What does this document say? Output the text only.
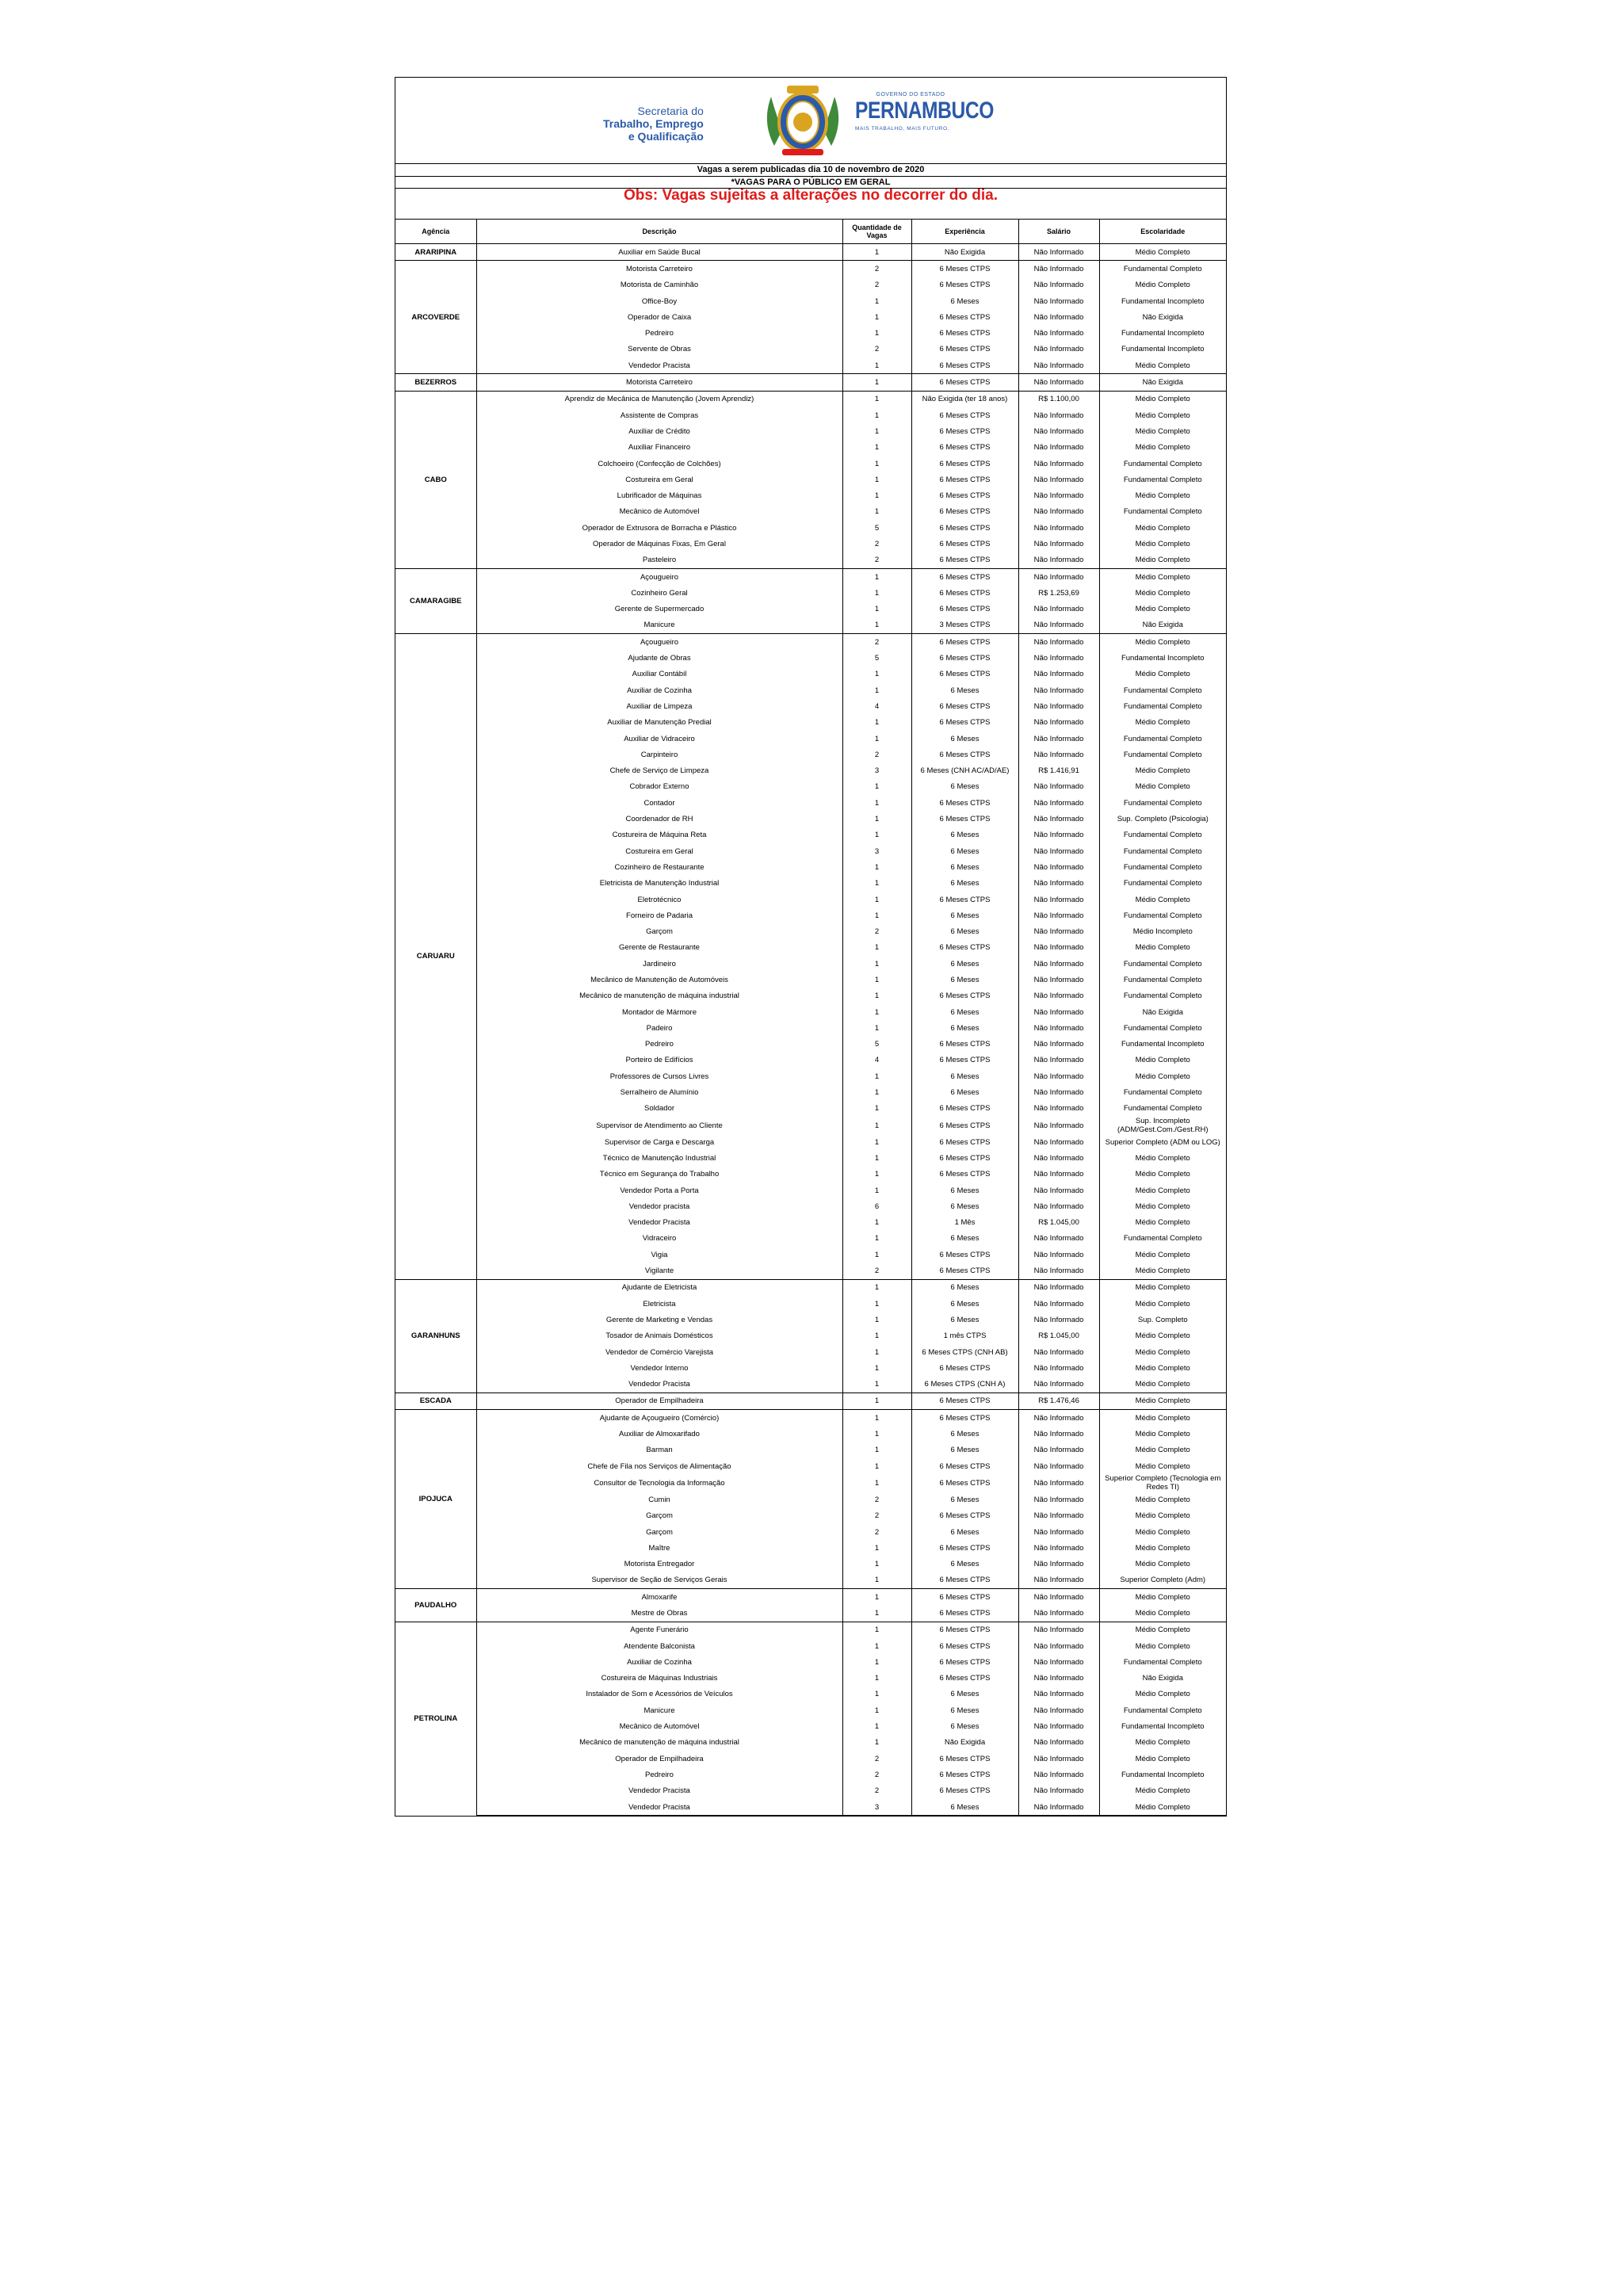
Secretaria do
Trabalho, Emprego
e Qualificação
GOVERNO DO ESTADO
PERNAMBUCO
MAIS TRABALHO, MAIS FUTURO.
Vagas a serem publicadas dia 10 de novembro de 2020
*VAGAS PARA O PÚBLICO EM GERAL
Obs: Vagas sujeitas a alterações no decorrer do dia.
Agência	Descrição	Quantidade de Vagas	Experiência	Salário	Escolaridade
ARARIPINA	Auxiliar em Saúde Bucal	1	Não Exigida	Não Informado	Médio Completo
ARCOVERDE	Motorista Carreteiro	2	6 Meses CTPS	Não Informado	Fundamental Completo
	Motorista de Caminhão	2	6 Meses CTPS	Não Informado	Médio Completo
	Office-Boy	1	6 Meses	Não Informado	Fundamental Incompleto
	Operador de Caixa	1	6 Meses CTPS	Não Informado	Não Exigida
	Pedreiro	1	6 Meses CTPS	Não Informado	Fundamental Incompleto
	Servente de Obras	2	6 Meses CTPS	Não Informado	Fundamental Incompleto
	Vendedor Pracista	1	6 Meses CTPS	Não Informado	Médio Completo
BEZERROS	Motorista Carreteiro	1	6 Meses CTPS	Não Informado	Não Exigida
CABO	Aprendiz de Mecânica de Manutenção (Jovem Aprendiz)	1	Não Exigida (ter 18 anos)	R$ 1.100,00	Médio Completo
	Assistente de Compras	1	6 Meses CTPS	Não Informado	Médio Completo
	Auxiliar de Crédito	1	6 Meses CTPS	Não Informado	Médio Completo
	Auxiliar Financeiro	1	6 Meses CTPS	Não Informado	Médio Completo
	Colchoeiro (Confecção de Colchões)	1	6 Meses CTPS	Não Informado	Fundamental Completo
	Costureira em Geral	1	6 Meses CTPS	Não Informado	Fundamental Completo
	Lubrificador de Máquinas	1	6 Meses CTPS	Não Informado	Médio Completo
	Mecânico de Automóvel	1	6 Meses CTPS	Não Informado	Fundamental Completo
	Operador de Extrusora de Borracha e Plástico	5	6 Meses CTPS	Não Informado	Médio Completo
	Operador de Máquinas Fixas, Em Geral	2	6 Meses CTPS	Não Informado	Médio Completo
	Pasteleiro	2	6 Meses CTPS	Não Informado	Médio Completo
CAMARAGIBE	Açougueiro	1	6 Meses CTPS	Não Informado	Médio Completo
	Cozinheiro Geral	1	6 Meses CTPS	R$ 1.253,69	Médio Completo
	Gerente de Supermercado	1	6 Meses CTPS	Não Informado	Médio Completo
	Manicure	1	3 Meses CTPS	Não Informado	Não Exigida
CARUARU	Açougueiro	2	6 Meses CTPS	Não Informado	Médio Completo
	Ajudante de Obras	5	6 Meses CTPS	Não Informado	Fundamental Incompleto
	Auxiliar Contábil	1	6 Meses CTPS	Não Informado	Médio Completo
	Auxiliar de Cozinha	1	6 Meses	Não Informado	Fundamental Completo
	Auxiliar de Limpeza	4	6 Meses CTPS	Não Informado	Fundamental Completo
	Auxiliar de Manutenção Predial	1	6 Meses CTPS	Não Informado	Médio Completo
	Auxiliar de Vidraceiro	1	6 Meses	Não Informado	Fundamental Completo
	Carpinteiro	2	6 Meses CTPS	Não Informado	Fundamental Completo
	Chefe de Serviço de Limpeza	3	6 Meses (CNH AC/AD/AE)	R$ 1.416,91	Médio Completo
	Cobrador Externo	1	6 Meses	Não Informado	Médio Completo
	Contador	1	6 Meses CTPS	Não Informado	Fundamental Completo
	Coordenador de RH	1	6 Meses CTPS	Não Informado	Sup. Completo (Psicologia)
	Costureira de Máquina Reta	1	6 Meses	Não Informado	Fundamental Completo
	Costureira em Geral	3	6 Meses	Não Informado	Fundamental Completo
	Cozinheiro de Restaurante	1	6 Meses	Não Informado	Fundamental Completo
	Eletricista de Manutenção Industrial	1	6 Meses	Não Informado	Fundamental Completo
	Eletrotécnico	1	6 Meses CTPS	Não Informado	Médio Completo
	Forneiro de Padaria	1	6 Meses	Não Informado	Fundamental Completo
	Garçom	2	6 Meses	Não Informado	Médio Incompleto
	Gerente de Restaurante	1	6 Meses CTPS	Não Informado	Médio Completo
	Jardineiro	1	6 Meses	Não Informado	Fundamental Completo
	Mecânico de Manutenção de Automóveis	1	6 Meses	Não Informado	Fundamental Completo
	Mecânico de manutenção de máquina industrial	1	6 Meses CTPS	Não Informado	Fundamental Completo
	Montador de Mármore	1	6 Meses	Não Informado	Não Exigida
	Padeiro	1	6 Meses	Não Informado	Fundamental Completo
	Pedreiro	5	6 Meses CTPS	Não Informado	Fundamental Incompleto
	Porteiro de Edifícios	4	6 Meses CTPS	Não Informado	Médio Completo
	Professores de Cursos Livres	1	6 Meses	Não Informado	Médio Completo
	Serralheiro de Alumínio	1	6 Meses	Não Informado	Fundamental Completo
	Soldador	1	6 Meses CTPS	Não Informado	Fundamental Completo
	Supervisor de Atendimento ao Cliente	1	6 Meses CTPS	Não Informado	Sup. Incompleto (ADM/Gest.Com./Gest.RH)
	Supervisor de Carga e Descarga	1	6 Meses CTPS	Não Informado	Superior Completo (ADM ou LOG)
	Técnico de Manutenção Industrial	1	6 Meses CTPS	Não Informado	Médio Completo
	Técnico em Segurança do Trabalho	1	6 Meses CTPS	Não Informado	Médio Completo
	Vendedor Porta a Porta	1	6 Meses	Não Informado	Médio Completo
	Vendedor pracista	6	6 Meses	Não Informado	Médio Completo
	Vendedor Pracista	1	1 Mês	R$ 1.045,00	Médio Completo
	Vidraceiro	1	6 Meses	Não Informado	Fundamental Completo
	Vigia	1	6 Meses CTPS	Não Informado	Médio Completo
	Vigilante	2	6 Meses CTPS	Não Informado	Médio Completo
GARANHUNS	Ajudante de Eletricista	1	6 Meses	Não Informado	Médio Completo
	Eletricista	1	6 Meses	Não Informado	Médio Completo
	Gerente de Marketing e Vendas	1	6 Meses	Não Informado	Sup. Completo
	Tosador de Animais Domésticos	1	1 mês CTPS	R$ 1.045,00	Médio Completo
	Vendedor de Comércio Varejista	1	6 Meses CTPS (CNH AB)	Não Informado	Médio Completo
	Vendedor Interno	1	6 Meses CTPS	Não Informado	Médio Completo
	Vendedor Pracista	1	6 Meses CTPS (CNH A)	Não Informado	Médio Completo
ESCADA	Operador de Empilhadeira	1	6 Meses CTPS	R$ 1.476,46	Médio Completo
IPOJUCA	Ajudante de Açougueiro (Comércio)	1	6 Meses CTPS	Não Informado	Médio Completo
	Auxiliar de Almoxarifado	1	6 Meses	Não Informado	Médio Completo
	Barman	1	6 Meses	Não Informado	Médio Completo
	Chefe de Fila nos Serviços de Alimentação	1	6 Meses CTPS	Não Informado	Médio Completo
	Consultor de Tecnologia da Informação	1	6 Meses CTPS	Não Informado	Superior Completo (Tecnologia em Redes TI)
	Cumin	2	6 Meses	Não Informado	Médio Completo
	Garçom	2	6 Meses CTPS	Não Informado	Médio Completo
	Garçom	2	6 Meses	Não Informado	Médio Completo
	Maître	1	6 Meses CTPS	Não Informado	Médio Completo
	Motorista Entregador	1	6 Meses	Não Informado	Médio Completo
	Supervisor de Seção de Serviços Gerais	1	6 Meses CTPS	Não Informado	Superior Completo (Adm)
PAUDALHO	Almoxarife	1	6 Meses CTPS	Não Informado	Médio Completo
	Mestre de Obras	1	6 Meses CTPS	Não Informado	Médio Completo
PETROLINA	Agente Funerário	1	6 Meses CTPS	Não Informado	Médio Completo
	Atendente Balconista	1	6 Meses CTPS	Não Informado	Médio Completo
	Auxiliar de Cozinha	1	6 Meses CTPS	Não Informado	Fundamental Completo
	Costureira de Máquinas Industriais	1	6 Meses CTPS	Não Informado	Não Exigida
	Instalador de Som e Acessórios de Veículos	1	6 Meses	Não Informado	Médio Completo
	Manicure	1	6 Meses	Não Informado	Fundamental Completo
	Mecânico de Automóvel	1	6 Meses	Não Informado	Fundamental Incompleto
	Mecânico de manutenção de máquina industrial	1	Não Exigida	Não Informado	Médio Completo
	Operador de Empilhadeira	2	6 Meses CTPS	Não Informado	Médio Completo
	Pedreiro	2	6 Meses CTPS	Não Informado	Fundamental Incompleto
	Vendedor Pracista	2	6 Meses CTPS	Não Informado	Médio Completo
	Vendedor Pracista	3	6 Meses	Não Informado	Médio Completo
